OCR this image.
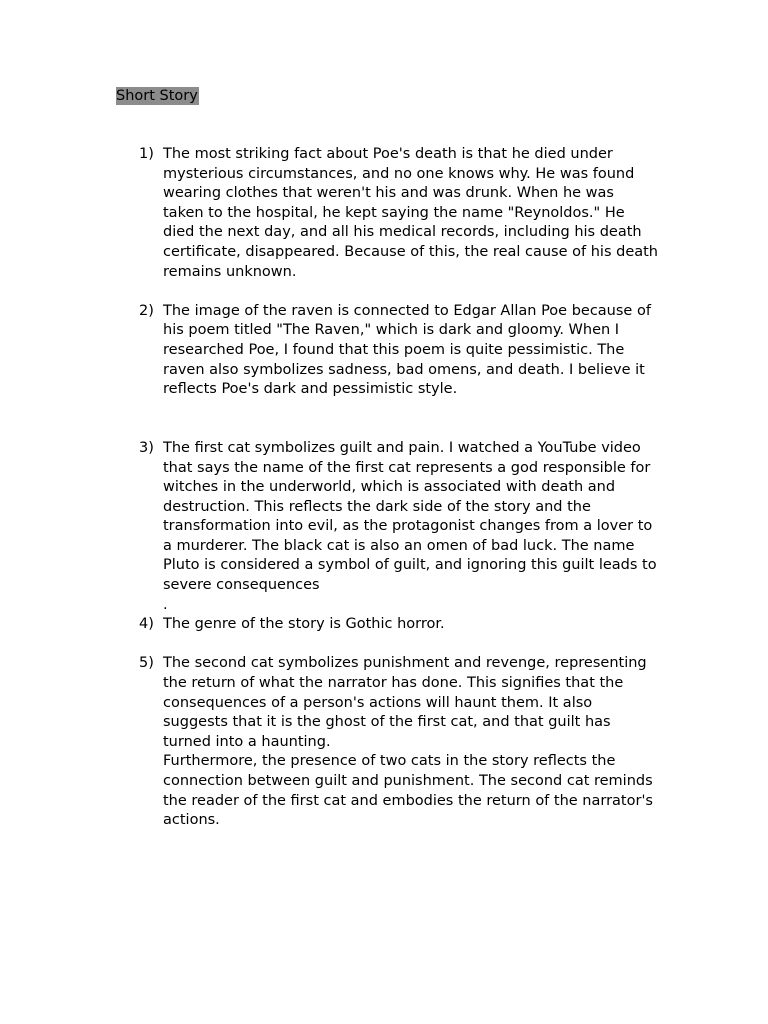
Short Story
1) The most striking fact about Poe's death is that he died under mysterious circumstances, and no one knows why. He was found wearing clothes that weren't his and was drunk. When he was taken to the hospital, he kept saying the name "Reynoldos." He died the next day, and all his medical records, including his death certificate, disappeared. Because of this, the real cause of his death remains unknown.
2) The image of the raven is connected to Edgar Allan Poe because of his poem titled "The Raven," which is dark and gloomy. When I researched Poe, I found that this poem is quite pessimistic. The raven also symbolizes sadness, bad omens, and death. I believe it reflects Poe's dark and pessimistic style.
3) The first cat symbolizes guilt and pain. I watched a YouTube video that says the name of the first cat represents a god responsible for witches in the underworld, which is associated with death and destruction. This reflects the dark side of the story and the transformation into evil, as the protagonist changes from a lover to a murderer. The black cat is also an omen of bad luck. The name Pluto is considered a symbol of guilt, and ignoring this guilt leads to severe consequences
.
4) The genre of the story is Gothic horror.
5) The second cat symbolizes punishment and revenge, representing the return of what the narrator has done. This signifies that the consequences of a person's actions will haunt them. It also suggests that it is the ghost of the first cat, and that guilt has turned into a haunting.
Furthermore, the presence of two cats in the story reflects the connection between guilt and punishment. The second cat reminds the reader of the first cat and embodies the return of the narrator's actions.
